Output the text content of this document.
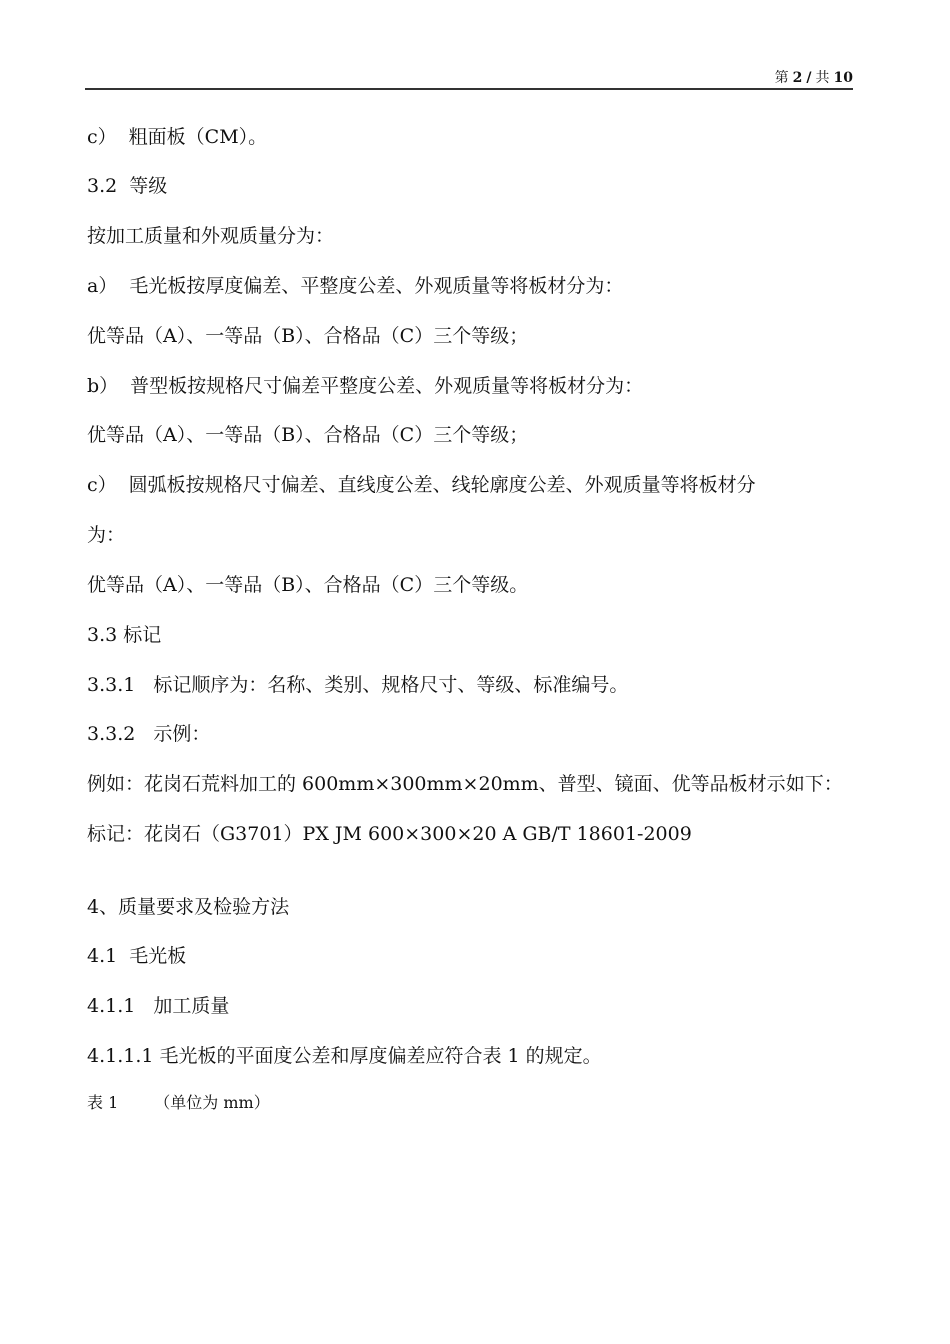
第 2 / 共 10
c） 粗面板（CM）。
3.2 等级
按加工质量和外观质量分为：
a） 毛光板按厚度偏差、平整度公差、外观质量等将板材分为：
优等品（A）、一等品（B）、合格品（C）三个等级；
b） 普型板按规格尺寸偏差平整度公差、外观质量等将板材分为：
优等品（A）、一等品（B）、合格品（C）三个等级；
c） 圆弧板按规格尺寸偏差、直线度公差、线轮廓度公差、外观质量等将板材分
为：
优等品（A）、一等品（B）、合格品（C）三个等级。
3.3 标记
3.3.1 标记顺序为：名称、类别、规格尺寸、等级、标准编号。
3.3.2 示例：
例如：花岗石荒料加工的 600mm×300mm×20mm、普型、镜面、优等品板材示如下：
标记：花岗石（G3701）PX JM 600×300×20 A GB/T 18601-2009
4、质量要求及检验方法
4.1 毛光板
4.1.1 加工质量
4.1.1.1 毛光板的平面度公差和厚度偏差应符合表 1 的规定。
表 1 （单位为 mm）
